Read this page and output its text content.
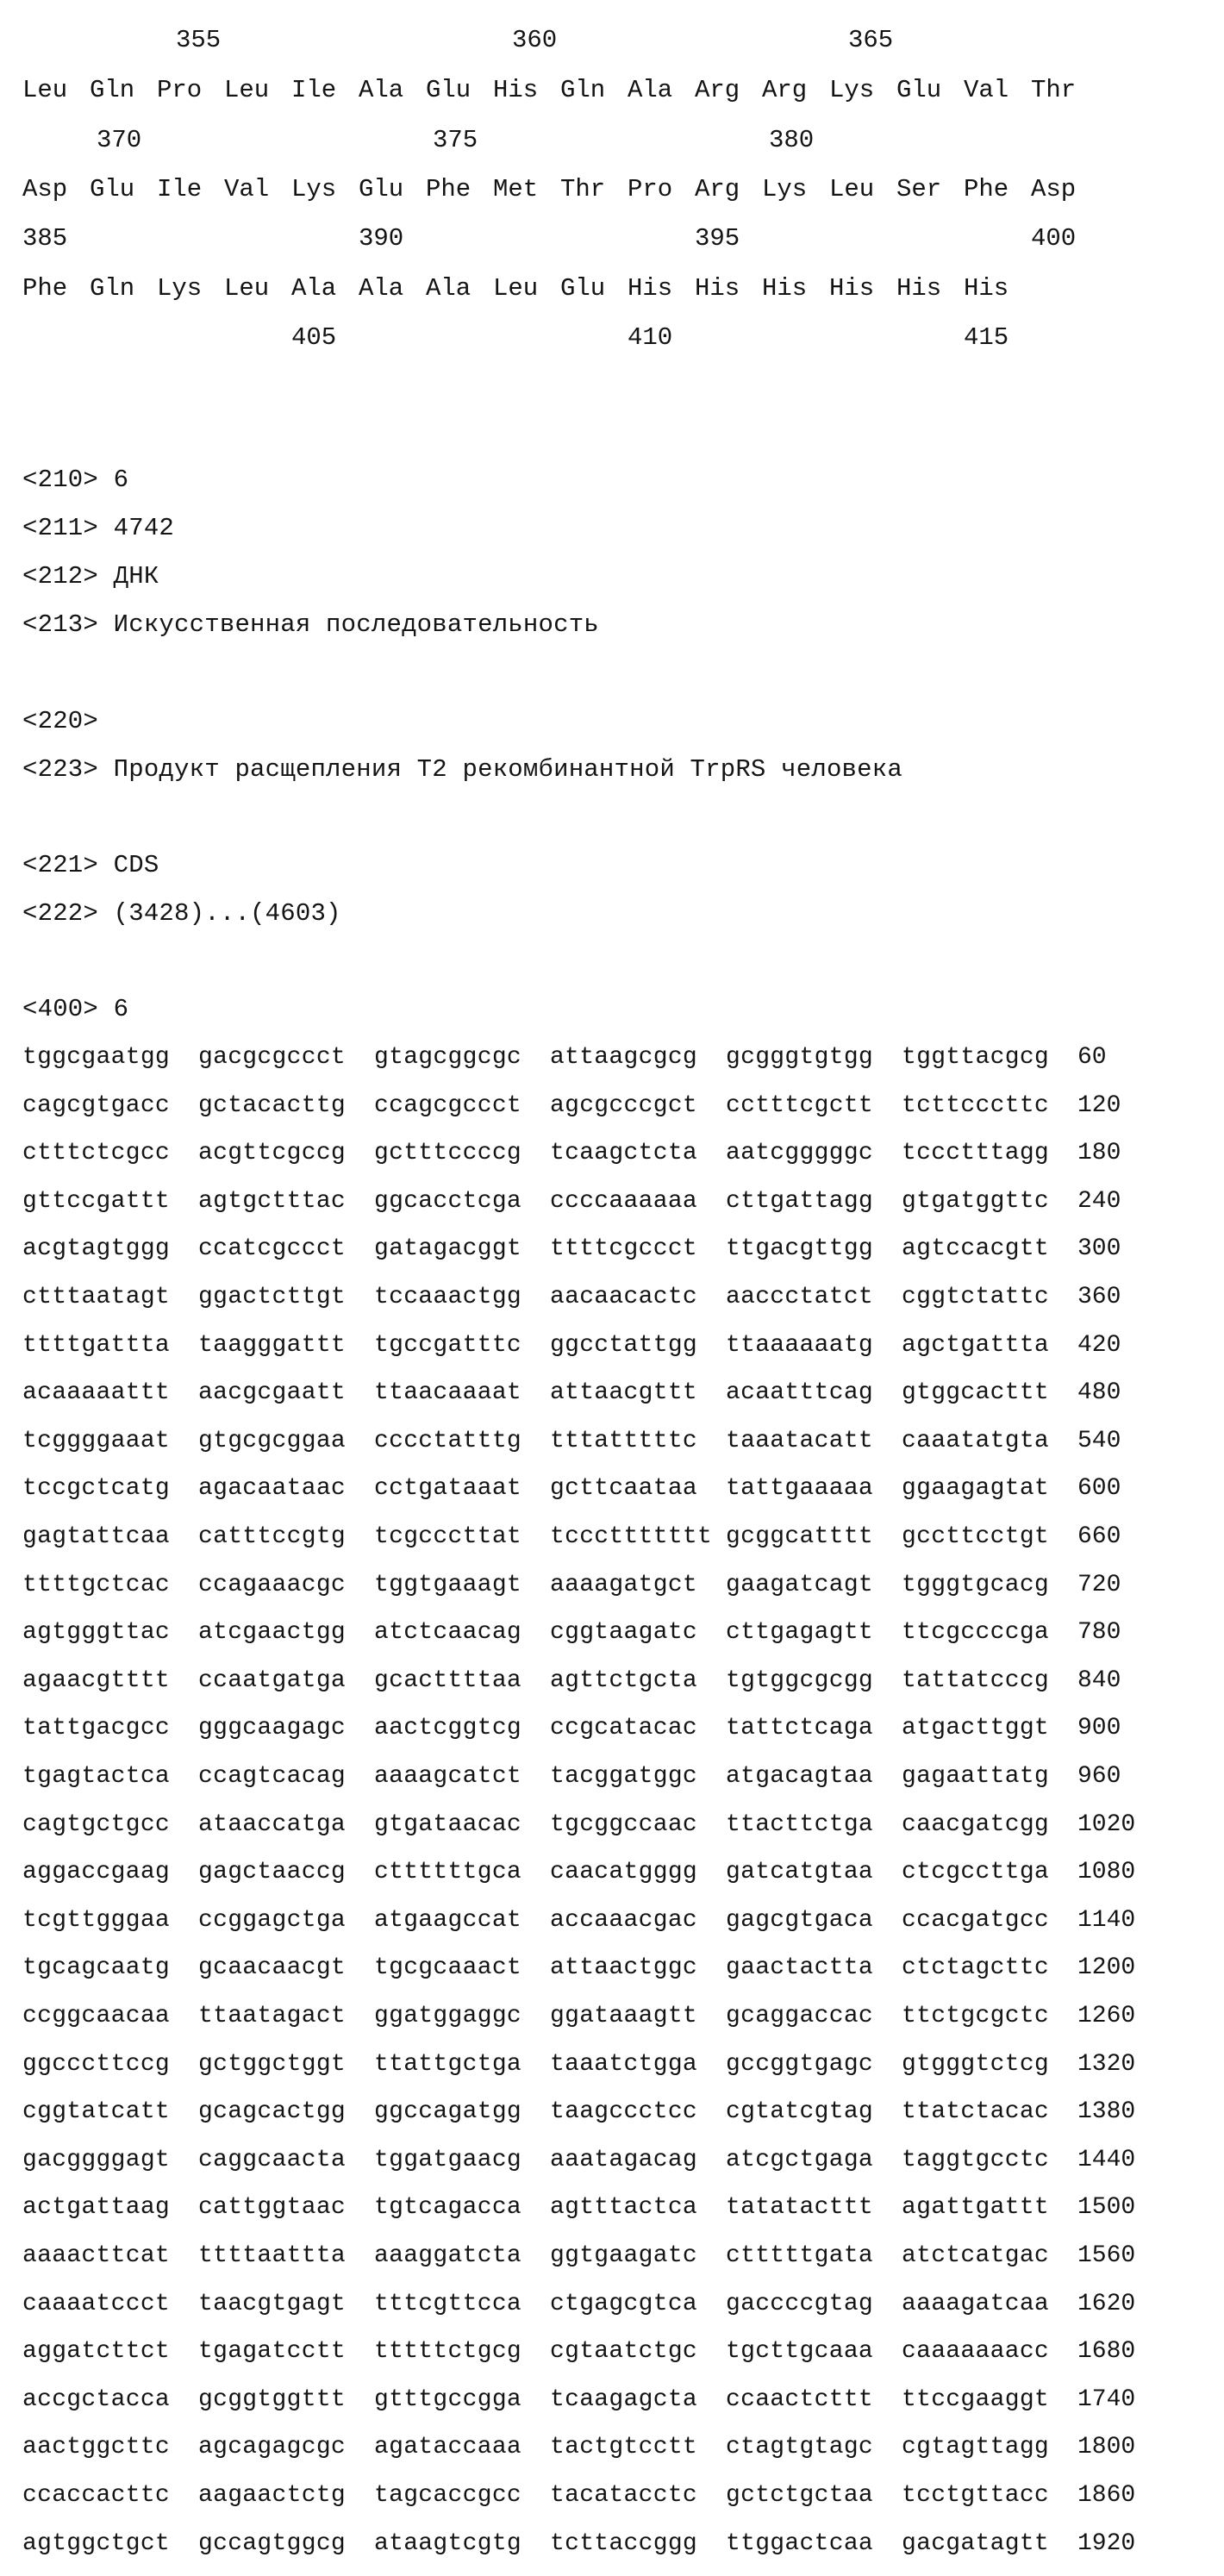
355	360	365
Leu Gln Pro Leu Ile Ala Glu His Gln Ala Arg Arg Lys Glu Val Thr
370	375	380
Asp Glu Ile Val Lys Glu Phe Met Thr Pro Arg Lys Leu Ser Phe Asp
385	390	395	400
Phe Gln Lys Leu Ala Ala Ala Leu Glu His His His His His His
405	410	415
<210> 6
<211> 4742
<212> ДНК
<213> Искусственная последовательность
<220>
<223> Продукт расщепления T2 рекомбинантной TrpRS человека
<221> CDS
<222> (3428)...(4603)
<400> 6
tggcgaatgg gacgcgccct gtagcggcgc attaagcgcg gcgggtgtgg tggttacgcg 60
cagcgtgacc gctacacttg ccagcgccct agcgcccgct cctttcgctt tcttcccttc 120
ctttctcgcc acgttcgccg gctttccccg tcaagctcta aatcgggggc tccctttagg 180
gttccgattt agtgctttac ggcacctcga ccccaaaaaa cttgattagg gtgatggttc 240
acgtagtggg ccatcgccct gatagacggt ttttcgccct ttgacgttgg agtccacgtt 300
ctttaatagt ggactcttgt tccaaactgg aacaacactc aaccctatct cggtctattc 360
ttttgattta taagggattt tgccgatttc ggcctattgg ttaaaaaatg agctgattta 420
acaaaaattt aacgcgaatt ttaacaaaat attaacgttt acaatttcag gtggcacttt 480
tcggggaaat gtgcgcggaa cccctatttg tttatttttc taaatacatt caaatatgta 540
tccgctcatg agacaataac cctgataaat gcttcaataa tattgaaaaa ggaagagtat 600
gagtattcaa catttccgtg tcgcccttat tcccttttttt gcggcatttt gccttcctgt 660
ttttgctcac ccagaaacgc tggtgaaagt aaaagatgct gaagatcagt tgggtgcacg 720
agtgggttac atcgaactgg atctcaacag cggtaagatc cttgagagtt ttcgccccga 780
agaacgtttt ccaatgatga gcacttttaa agttctgcta tgtggcgcgg tattatcccg 840
tattgacgcc gggcaagagc aactcggtcg ccgcatacac tattctcaga atgacttggt 900
tgagtactca ccagtcacag aaaagcatct tacggatggc atgacagtaa gagaattatg 960
cagtgctgcc ataaccatga gtgataacac tgcggccaac ttacttctga caacgatcgg 1020
aggaccgaag gagctaaccg cttttttgca caacatgggg gatcatgtaa ctcgccttga 1080
tcgttgggaa ccggagctga atgaagccat accaaacgac gagcgtgaca ccacgatgcc 1140
tgcagcaatg gcaacaacgt tgcgcaaact attaactggc gaactactta ctctagcttc 1200
ccggcaacaa ttaatagact ggatggaggc ggataaagtt gcaggaccac ttctgcgctc 1260
ggcccttccg gctggctggt ttattgctga taaatctgga gccggtgagc gtgggtctcg 1320
cggtatcatt gcagcactgg ggccagatgg taagccctcc cgtatcgtag ttatctacac 1380
gacggggagt caggcaacta tggatgaacg aaatagacag atcgctgaga taggtgcctc 1440
actgattaag cattggtaac tgtcagacca agtttactca tatatacttt agattgattt 1500
aaaacttcat ttttaattta aaaggatcta ggtgaagatc ctttttgata atctcatgac 1560
caaaatccct taacgtgagt tttcgttcca ctgagcgtca gaccccgtag aaaagatcaa 1620
aggatcttct tgagatcctt tttttctgcg cgtaatctgc tgcttgcaaa caaaaaaacc 1680
accgctacca gcggtggttt gtttgccgga tcaagagcta ccaactcttt ttccgaaggt 1740
aactggcttc agcagagcgc agataccaaa tactgtcctt ctagtgtagc cgtagttagg 1800
ccaccacttc aagaactctg tagcaccgcc tacatacctc gctctgctaa tcctgttacc 1860
agtggctgct gccagtggcg ataagtcgtg tcttaccggg ttggactcaa gacgatagtt 1920
